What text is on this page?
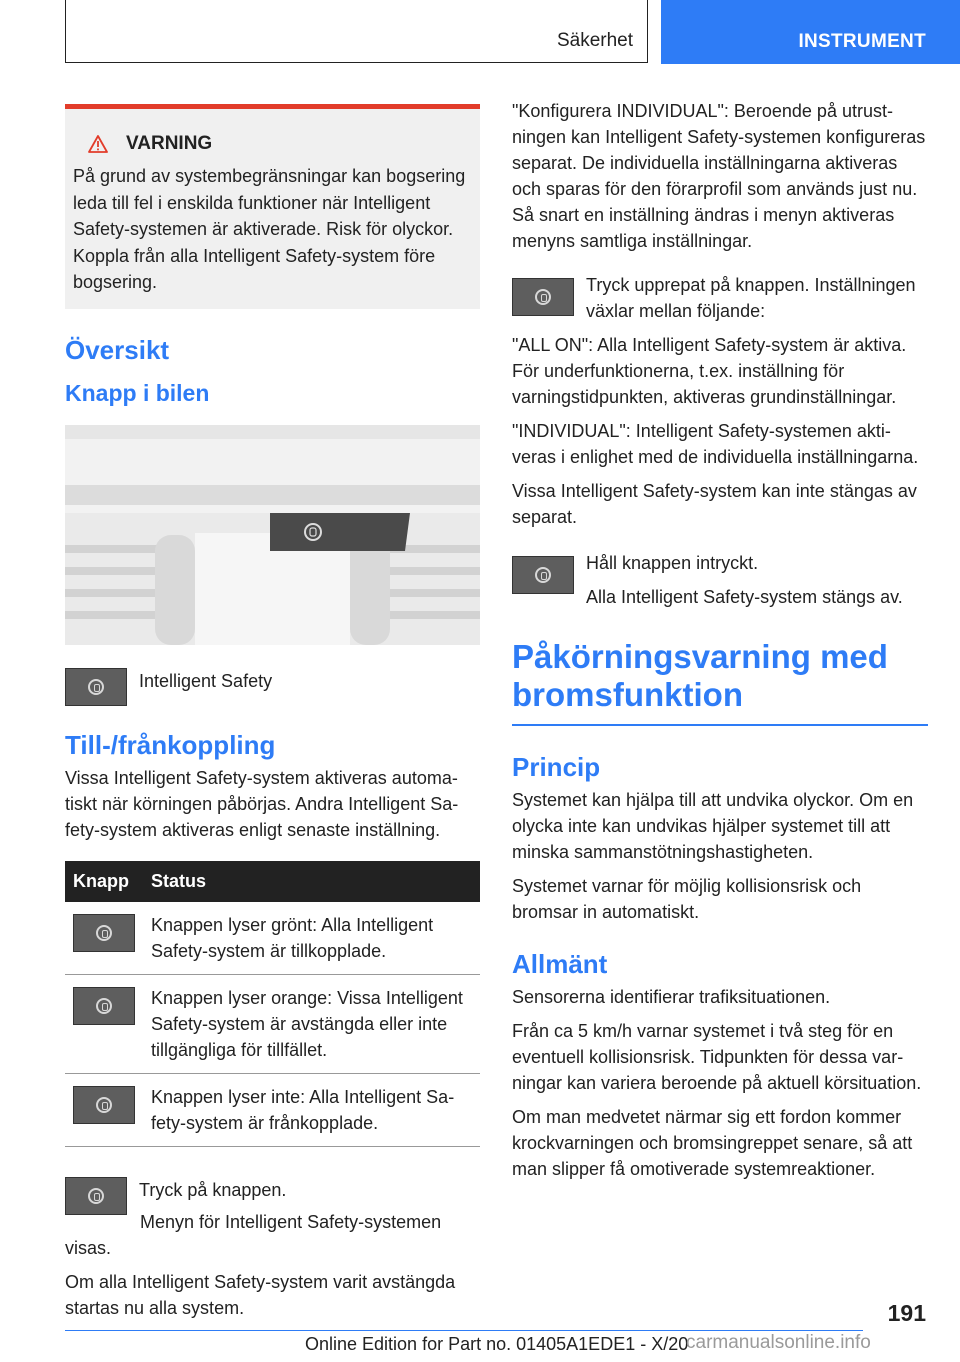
Säkerhet	INSTRUMENT
VARNING

På grund av systembegränsningar kan bogsering leda till fel i enskilda funktioner när Intelligent Safety-systemen är aktiverade. Risk för olyckor. Koppla från alla Intelligent Safety-system före bogsering.

Översikt
Knapp i bilen

Intelligent Safety

Till-/frånkoppling

Vissa Intelligent Safety-system aktiveras automatiskt när körningen påbörjas. Andra Intelligent Safety-system aktiveras enligt senaste inställning.

Knapp	Status

	Knappen lyser grönt: Alla Intelligent Safety-system är tillkopplade.

	Knappen lyser orange: Vissa Intelligent Safety-system är avstängda eller inte tillgängliga för tillfället.

	Knappen lyser inte: Alla Intelligent Safety-system är frånkopplade.

Tryck på knappen.

Menyn för Intelligent Safety-systemen visas.

Om alla Intelligent Safety-system varit avstängda startas nu alla system.

"Konfigurera INDIVIDUAL": Beroende på utrustningen kan Intelligent Safety-systemen konfigureras separat. De individuella inställningarna aktiveras och sparas för den förarprofil som används just nu. Så snart en inställning ändras i menyn aktiveras menyns samtliga inställningar.

Tryck upprepat på knappen. Inställningen växlar mellan följande:

"ALL ON": Alla Intelligent Safety-system är aktiva. För underfunktionerna, t.ex. inställning för varningstidpunkten, aktiveras grundinställningar.

"INDIVIDUAL": Intelligent Safety-systemen aktiveras i enlighet med de individuella inställningarna.

Vissa Intelligent Safety-system kan inte stängas av separat.

Håll knappen intryckt.

Alla Intelligent Safety-system stängs av.

Påkörningsvarning med bromsfunktion
Princip

Systemet kan hjälpa till att undvika olyckor. Om en olycka inte kan undvikas hjälper systemet till att minska sammanstötningshastigheten.

Systemet varnar för möjlig kollisionsrisk och bromsar in automatiskt.

Allmänt

Sensorerna identifierar trafiksituationen.

Från ca 5 km/h varnar systemet i två steg för en eventuell kollisionsrisk. Tidpunkten för dessa varningar kan variera beroende på aktuell körsituation.

Om man medvetet närmar sig ett fordon kommer krockvarningen och bromsingreppet senare, så att man slipper få omotiverade systemreaktioner.

191
Online Edition for Part no. 01405A1EDE1 - X/20
carmanualsonline.info
